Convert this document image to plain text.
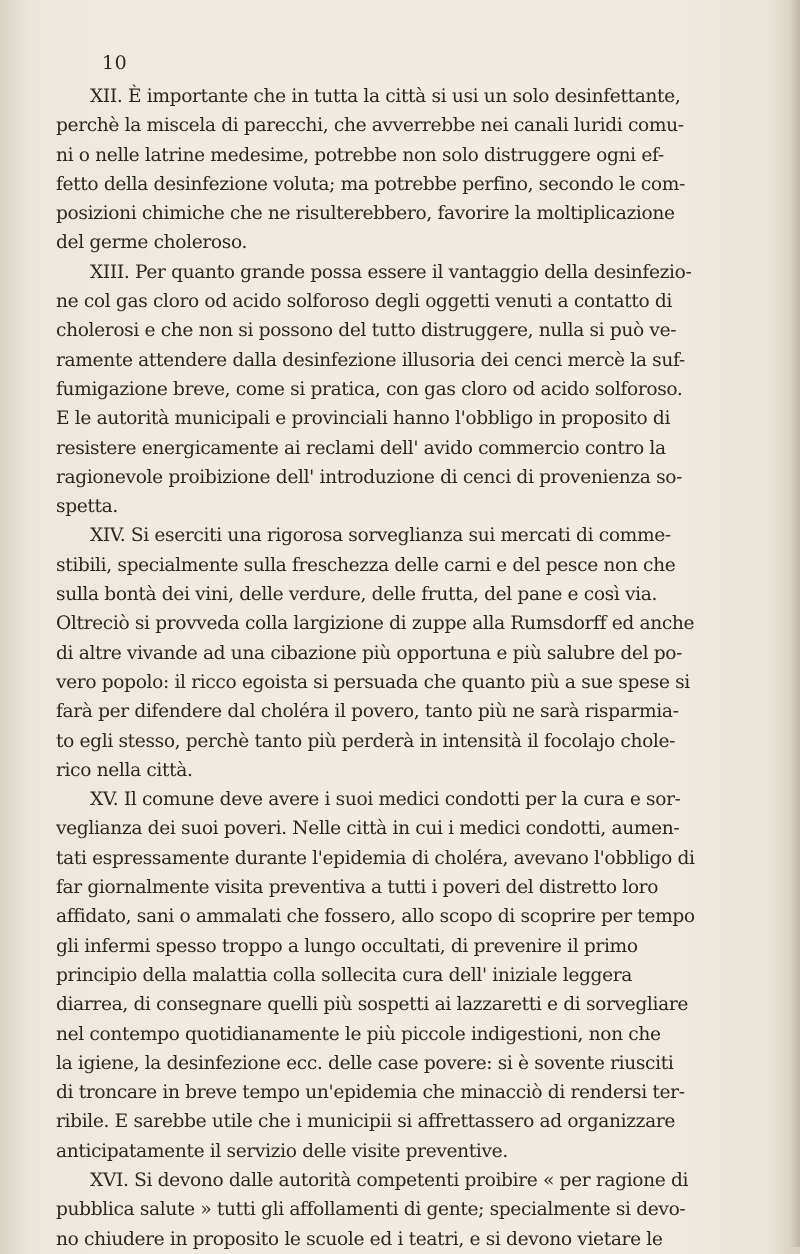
10
XII. È importante che in tutta la città si usi un solo desinfettante,
perchè la miscela di parecchi, che avverrebbe nei canali luridi comu-
ni o nelle latrine medesime, potrebbe non solo distruggere ogni ef-
fetto della desinfezione voluta; ma potrebbe perfino, secondo le com-
posizioni chimiche che ne risulterebbero, favorire la moltiplicazione
del germe choleroso.
XIII. Per quanto grande possa essere il vantaggio della desinfezio-
ne col gas cloro od acido solforoso degli oggetti venuti a contatto di
cholerosi e che non si possono del tutto distruggere, nulla si può ve-
ramente attendere dalla desinfezione illusoria dei cenci mercè la suf-
fumigazione breve, come si pratica, con gas cloro od acido solforoso.
E le autorità municipali e provinciali hanno l'obbligo in proposito di
resistere energicamente ai reclami dell' avido commercio contro la
ragionevole proibizione dell' introduzione di cenci di provenienza so-
spetta.
XIV. Si eserciti una rigorosa sorveglianza sui mercati di comme-
stibili, specialmente sulla freschezza delle carni e del pesce non che
sulla bontà dei vini, delle verdure, delle frutta, del pane e così via.
Oltreciò si provveda colla largizione di zuppe alla Rumsdorff ed anche
di altre vivande ad una cibazione più opportuna e più salubre del po-
vero popolo: il ricco egoista si persuada che quanto più a sue spese si
farà per difendere dal choléra il povero, tanto più ne sarà risparmia-
to egli stesso, perchè tanto più perderà in intensità il focolajo chole-
rico nella città.
XV. Il comune deve avere i suoi medici condotti per la cura e sor-
veglianza dei suoi poveri. Nelle città in cui i medici condotti, aumen-
tati espressamente durante l'epidemia di choléra, avevano l'obbligo di
far giornalmente visita preventiva a tutti i poveri del distretto loro
affidato, sani o ammalati che fossero, allo scopo di scoprire per tempo
gli infermi spesso troppo a lungo occultati, di prevenire il primo
principio della malattia colla sollecita cura dell' iniziale leggera
diarrea, di consegnare quelli più sospetti ai lazzaretti e di sorvegliare
nel contempo quotidianamente le più piccole indigestioni, non che
la igiene, la desinfezione ecc. delle case povere: si è sovente riusciti
di troncare in breve tempo un'epidemia che minacciò di rendersi ter-
ribile. E sarebbe utile che i municipii si affrettassero ad organizzare
anticipatamente il servizio delle visite preventive.
XVI. Si devono dalle autorità competenti proibire « per ragione di
pubblica salute » tutti gli affollamenti di gente; specialmente si devo-
no chiudere in proposito le scuole ed i teatri, e si devono vietare le
